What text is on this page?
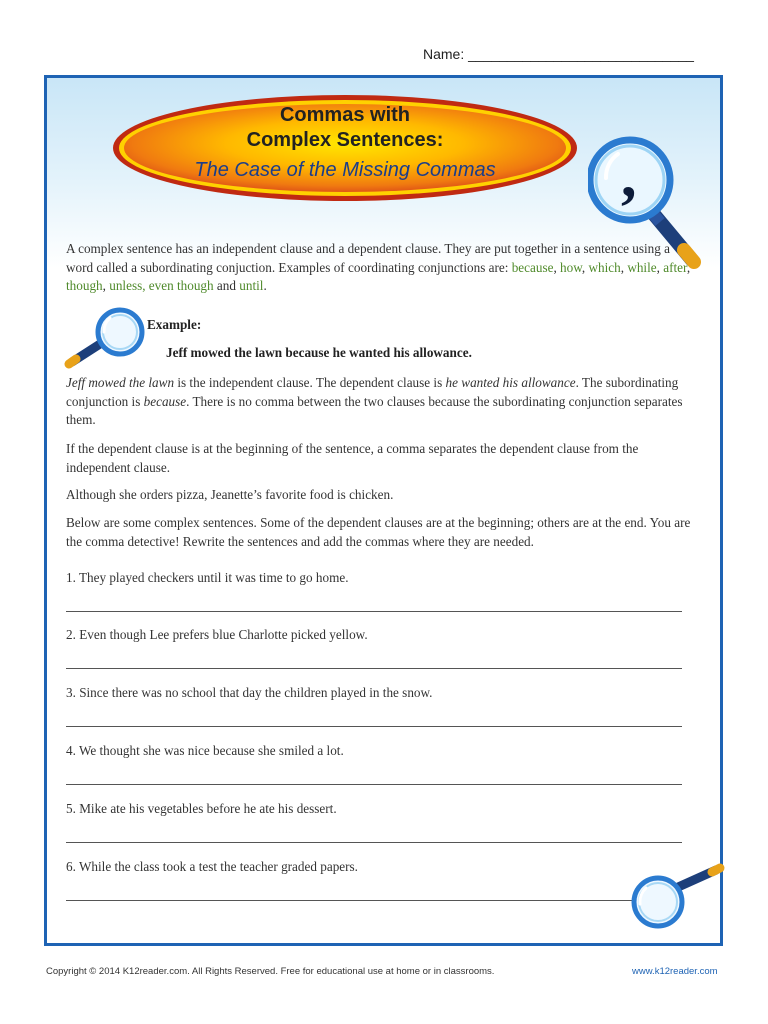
Name: _____________________________
Commas with
Complex Sentences:
The Case of the Missing Commas	,
A complex sentence has an independent clause and a dependent clause. They are put together in a sentence using a word called a subordinating conjuction. Examples of coordinating conjunctions are: because, how, which, while, after, though, unless, even though and until.
Example:
Jeff mowed the lawn because he wanted his allowance.
Jeff mowed the lawn is the independent clause. The dependent clause is he wanted his allowance. The subordinating conjunction is because. There is no comma between the two clauses because the subordinating conjunction separates them.
If the dependent clause is at the beginning of the sentence, a comma separates the dependent clause from the independent clause.
Although she orders pizza, Jeanette’s favorite food is chicken.
Below are some complex sentences. Some of the dependent clauses are at the beginning; others are at the end. You are the comma detective! Rewrite the sentences and add the commas where they are needed.
1. They played checkers until it was time to go home.
2. Even though Lee prefers blue Charlotte picked yellow.
3. Since there was no school that day the children played in the snow.
4. We thought she was nice because she smiled a lot.
5. Mike ate his vegetables before he ate his dessert.
6. While the class took a test the teacher graded papers.
Copyright © 2014 K12reader.com. All Rights Reserved. Free for educational use at home or in classrooms.	www.k12reader.com
